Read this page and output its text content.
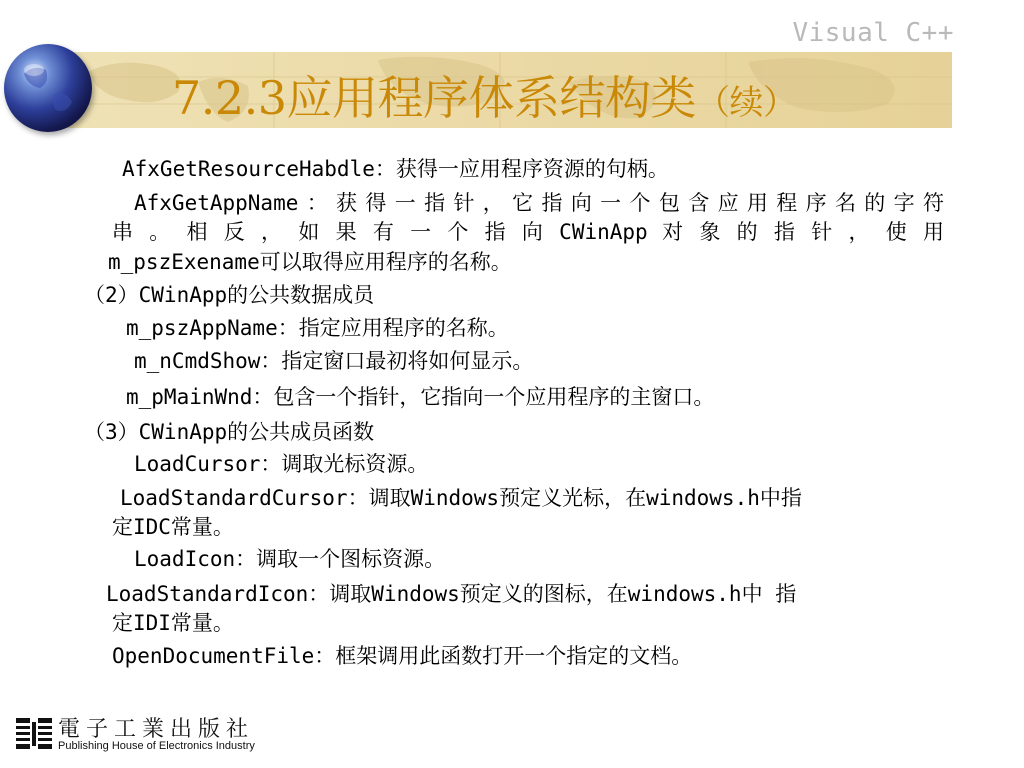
Visual C++
7.2.3应用程序体系结构类（续）
AfxGetResourceHabdle：获得一应用程序资源的句柄。
AfxGetAppName：获得一指针，它指向一个包含应用程序名的字符
串 。 相 反 ， 如 果 有 一 个 指 向 CWinApp 对 象 的 指 针 ， 使 用
m_pszExename可以取得应用程序的名称。
（2）CWinApp的公共数据成员
m_pszAppName：指定应用程序的名称。
m_nCmdShow：指定窗口最初将如何显示。
m_pMainWnd：包含一个指针，它指向一个应用程序的主窗口。
（3）CWinApp的公共成员函数
LoadCursor：调取光标资源。
LoadStandardCursor：调取Windows预定义光标，在windows.h中指
定IDC常量。
LoadIcon：调取一个图标资源。
LoadStandardIcon：调取Windows预定义的图标，在windows.h中 指
定IDI常量。
OpenDocumentFile：框架调用此函数打开一个指定的文档。
電子工業出版社
Publishing House of Electronics Industry
